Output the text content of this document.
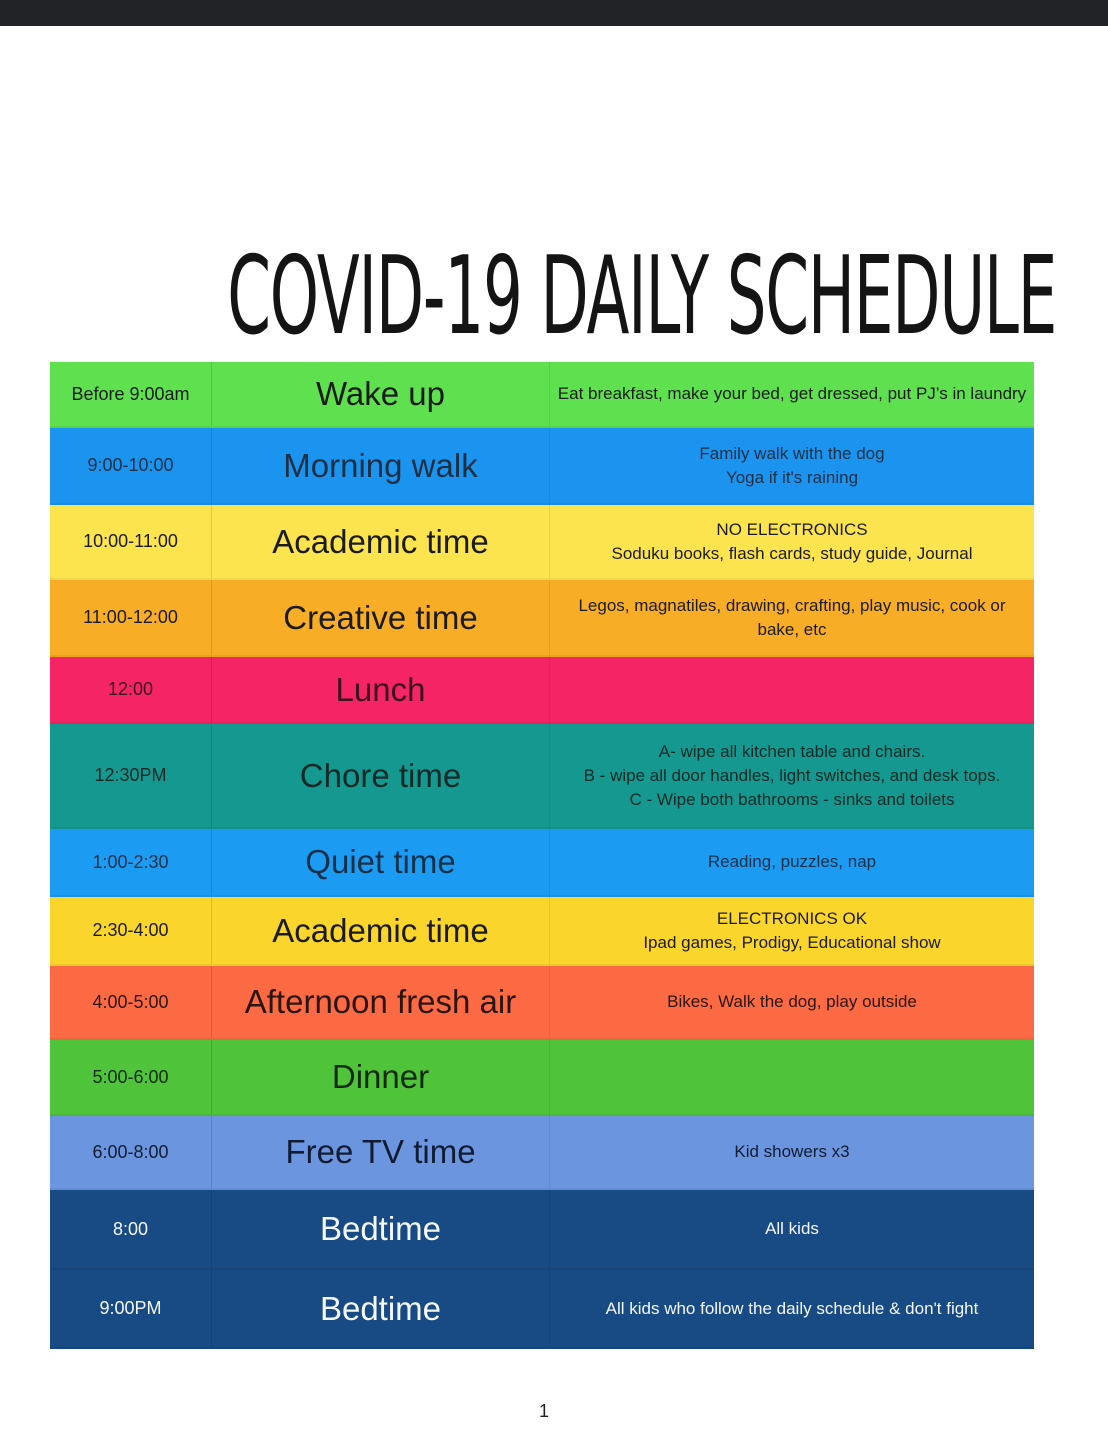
COVID-19 DAILY SCHEDULE
Before 9:00am	Wake up	Eat breakfast, make your bed, get dressed, put PJ’s in laundry
9:00-10:00	Morning walk	Family walk with the dog
Yoga if it's raining
10:00-11:00	Academic time	NO ELECTRONICS
Soduku books, flash cards, study guide, Journal
11:00-12:00	Creative time	Legos, magnatiles, drawing, crafting, play music, cook or bake, etc
12:00	Lunch
12:30PM	Chore time
A- wipe all kitchen table and chairs.
B - wipe all door handles, light switches, and desk tops.
C - Wipe both bathrooms - sinks and toilets
1:00-2:30	Quiet time	Reading, puzzles, nap
2:30-4:00	Academic time	ELECTRONICS OK
Ipad games, Prodigy, Educational show
4:00-5:00	Afternoon fresh air	Bikes, Walk the dog, play outside
5:00-6:00	Dinner
6:00-8:00	Free TV time	Kid showers x3
8:00	Bedtime	All kids
9:00PM	Bedtime	All kids who follow the daily schedule & don't fight
1
